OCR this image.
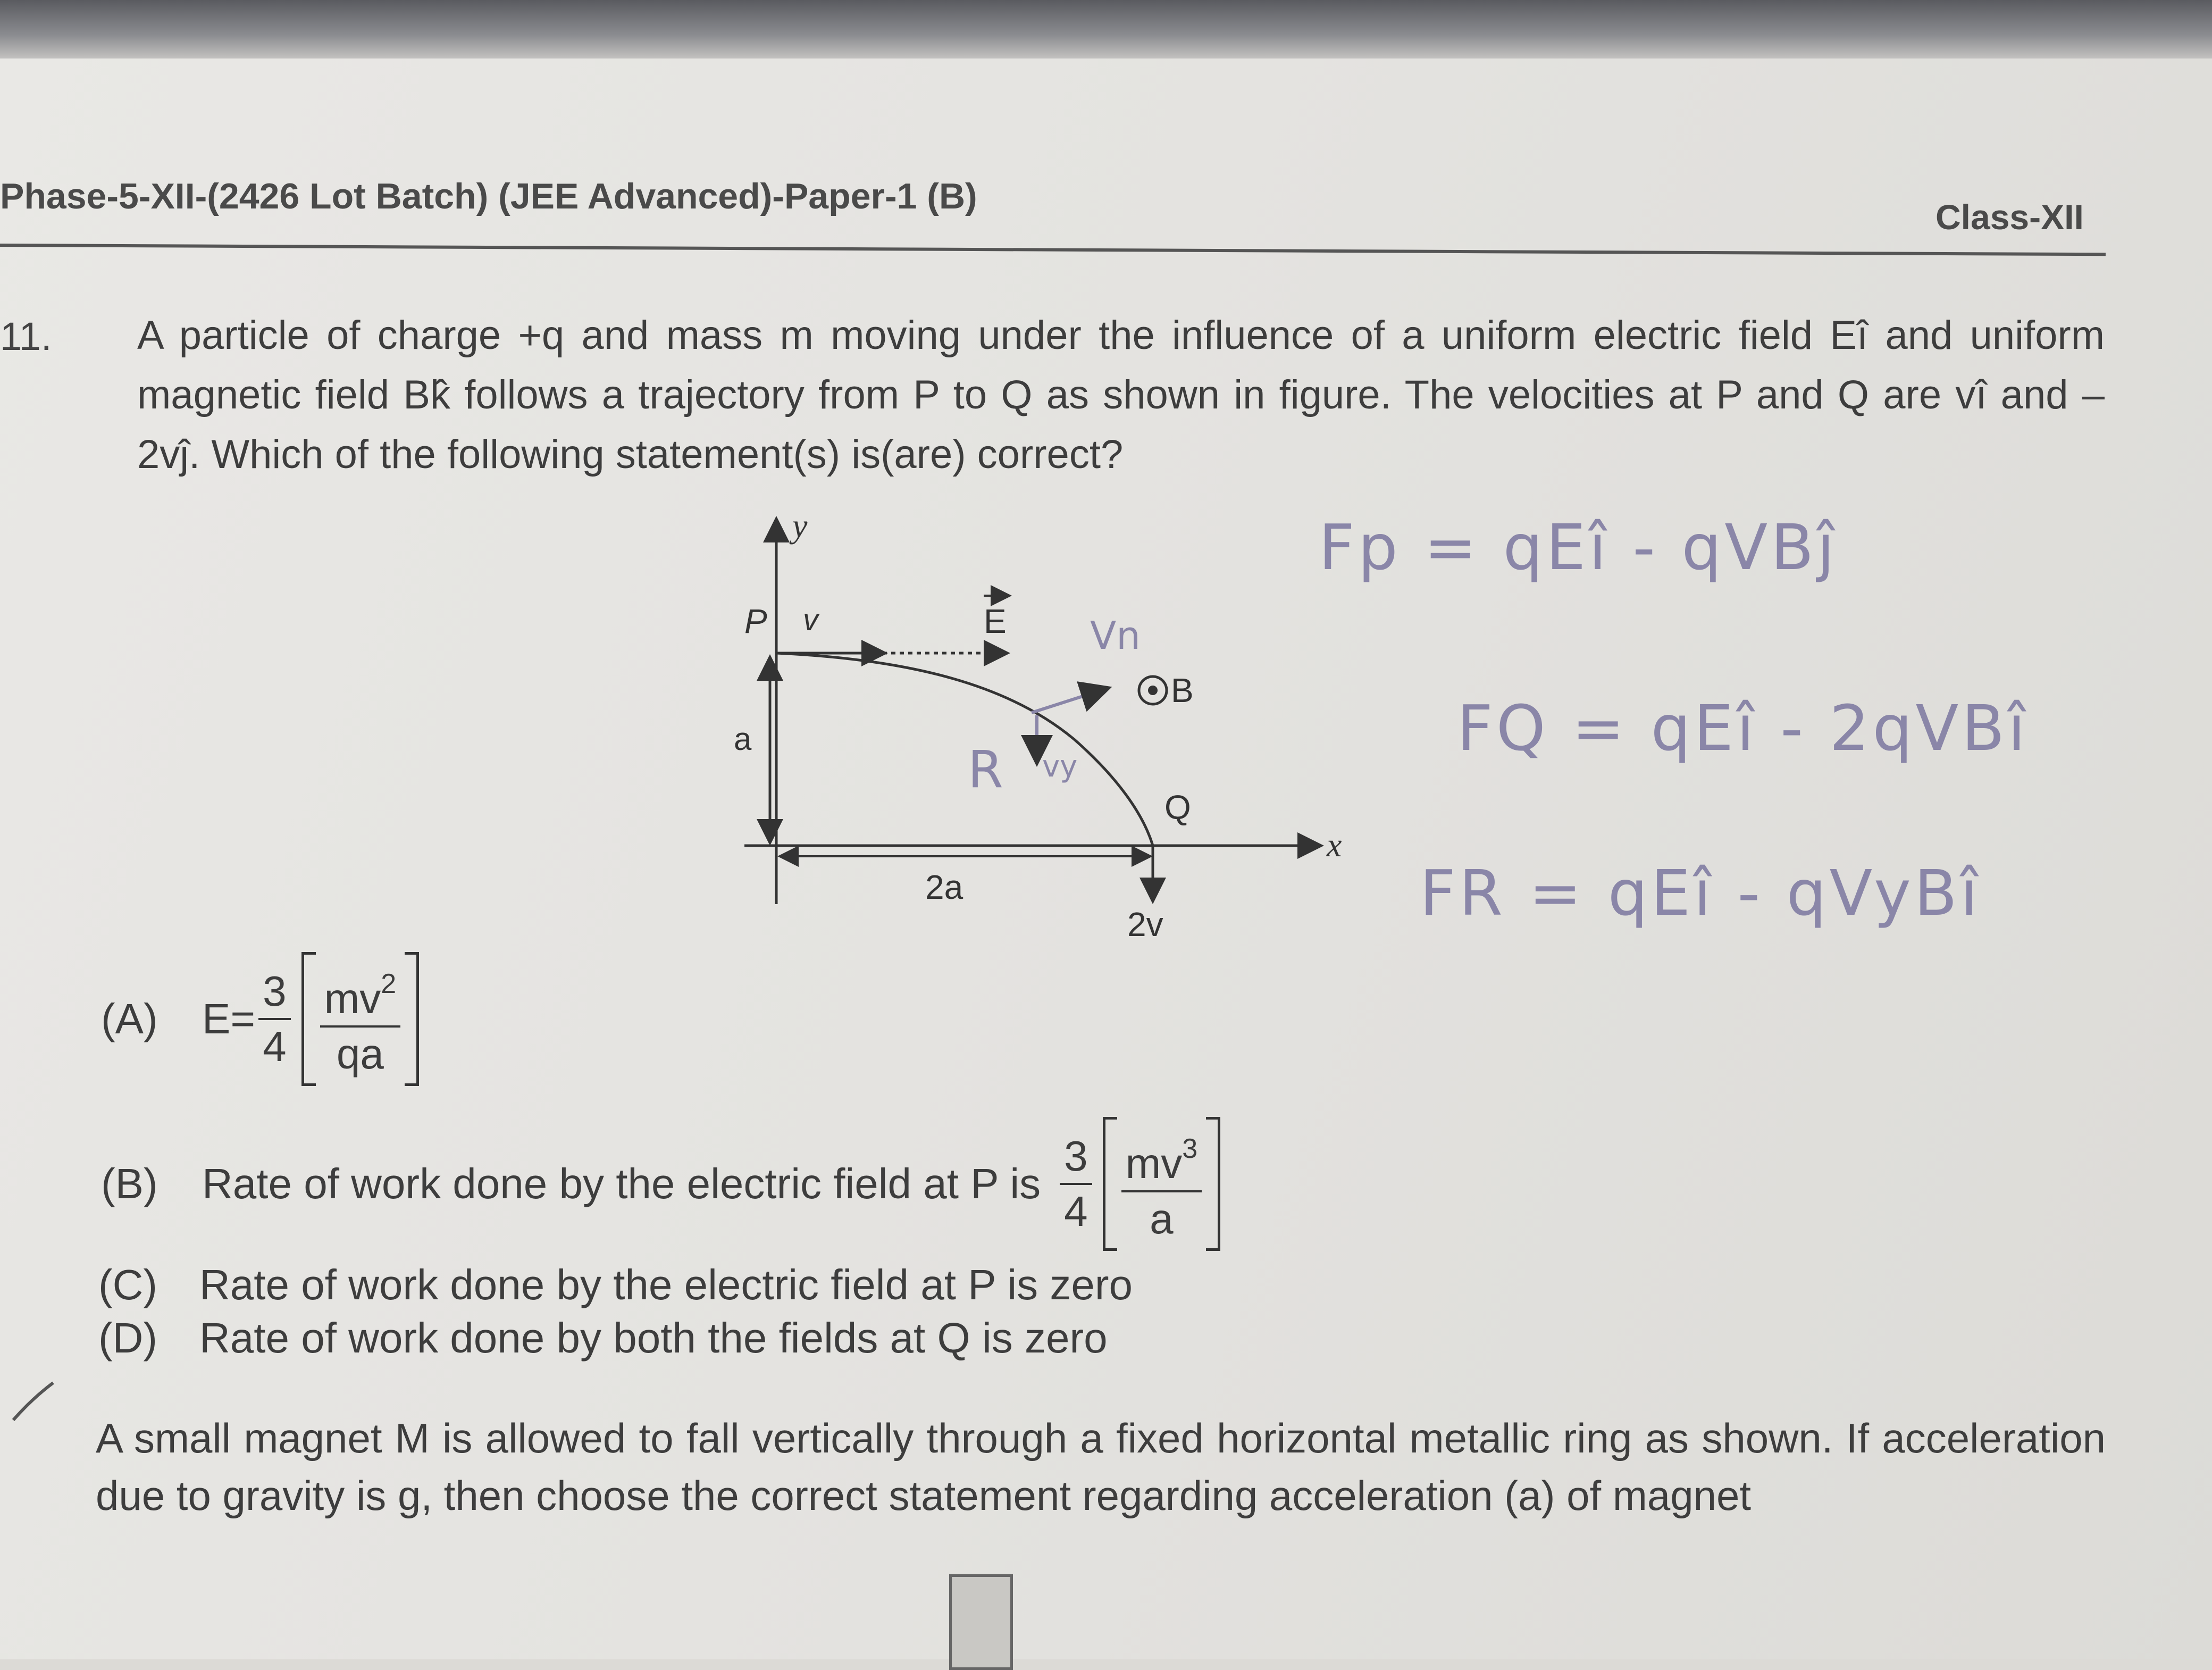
Phase-5-XII-(2426 Lot Batch) (JEE Advanced)-Paper-1 (B)
Class-XII
11. A particle of charge +q and mass m moving under the influence of a uniform electric field Eî and uniform magnetic field Bk̂ follows a trajectory from P to Q as shown in figure. The velocities at P and Q are vî and –2vĵ. Which of the following statement(s) is(are) correct?
y
x
P v	E
B
a
2a
Q
2v
R vy
Vn
Fp = qEî - qVBĵ
FQ = qEî - 2qVBî
FR = qEî - qVyBî
(A)	$E= \frac{3}{4} \frac{mv^2}{qa}$
(B)	Rate of work done by the electric field at P is $\frac{3}{4} \frac{mv^3}{a}$
(C) Rate of work done by the electric field at P is zero
(D) Rate of work done by both the fields at Q is zero
A small magnet M is allowed to fall vertically through a fixed horizontal metallic ring as shown. If acceleration due to gravity is g, then choose the correct statement regarding acceleration (a) of magnet
